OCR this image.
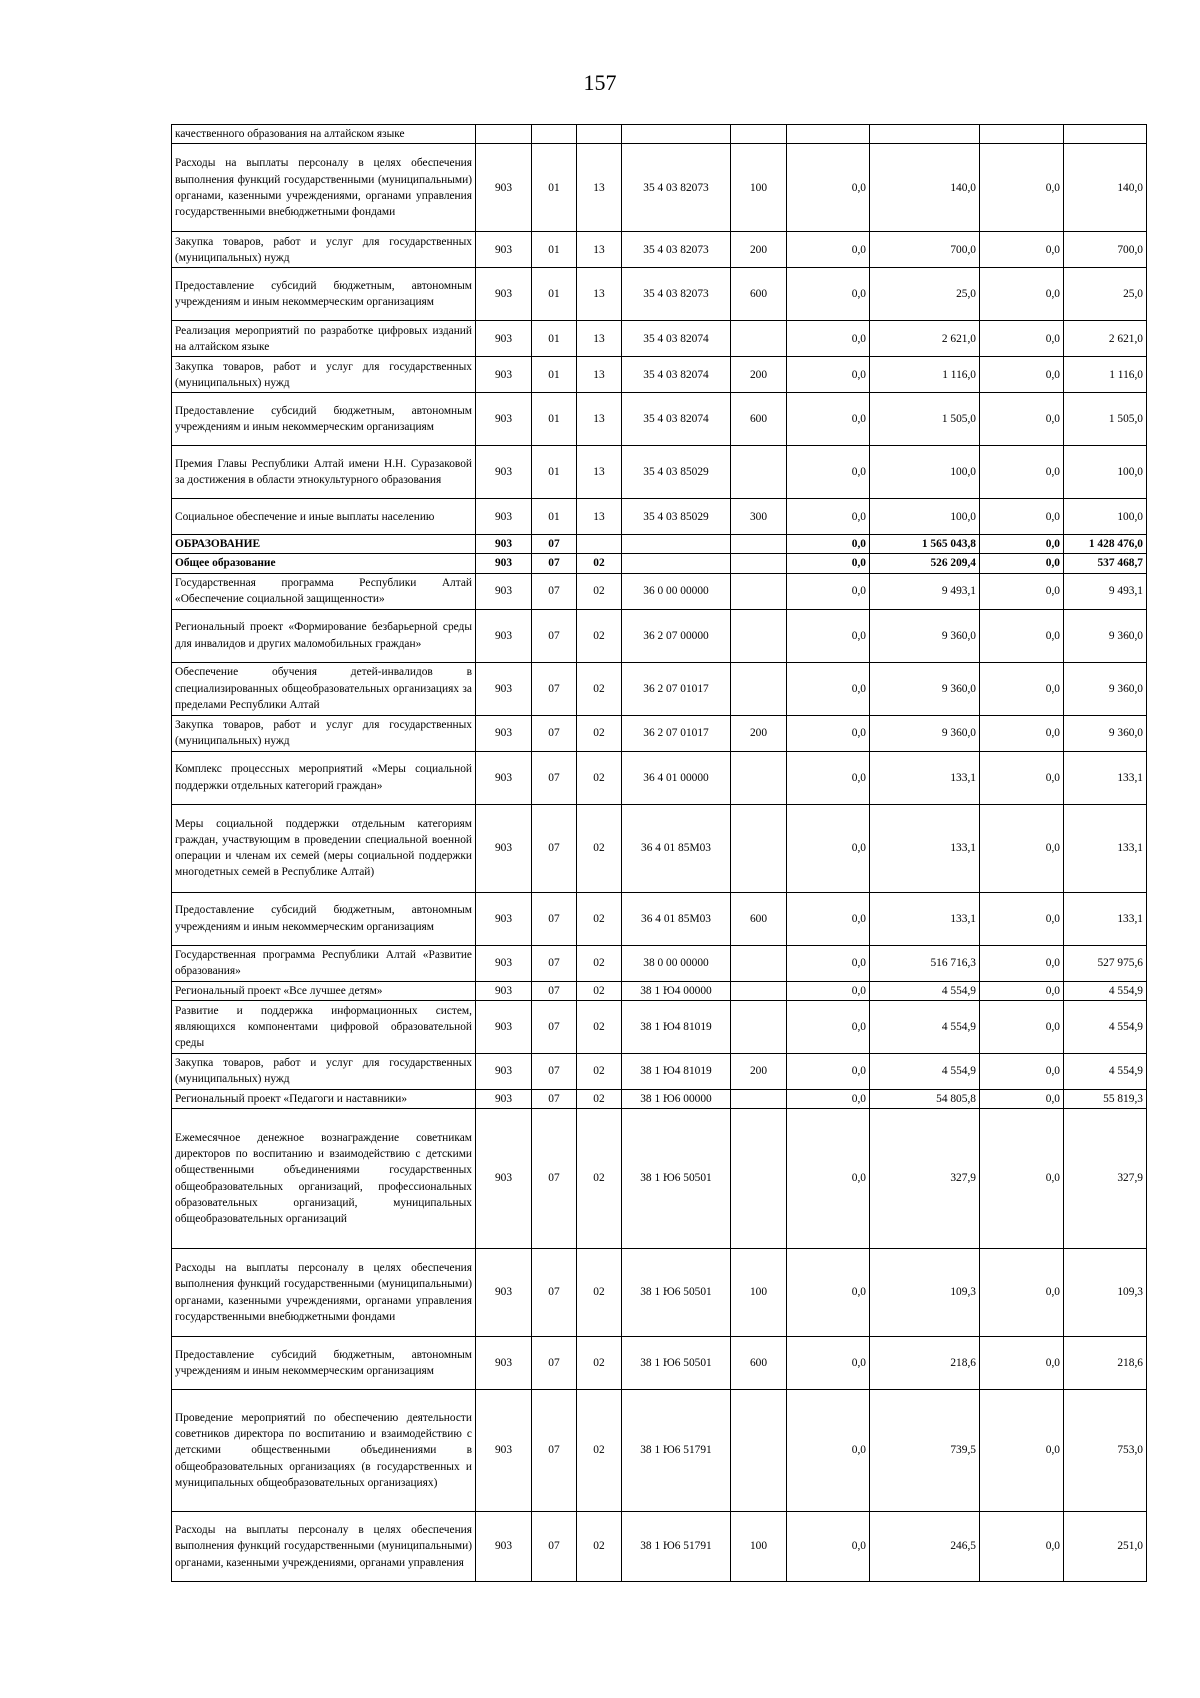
157
качественного образования на алтайском языке									
Расходы на выплаты персоналу в целях обеспечения выполнения функций государственными (муниципальными) органами, казенными учреждениями, органами управления государственными внебюджетными фондами	903	01	13	35 4 03 82073	100	0,0	140,0	0,0	140,0
Закупка товаров, работ и услуг для государственных (муниципальных) нужд	903	01	13	35 4 03 82073	200	0,0	700,0	0,0	700,0
Предоставление субсидий бюджетным, автономным учреждениям и иным некоммерческим организациям	903	01	13	35 4 03 82073	600	0,0	25,0	0,0	25,0
Реализация мероприятий по разработке цифровых изданий на алтайском языке	903	01	13	35 4 03 82074		0,0	2 621,0	0,0	2 621,0
Закупка товаров, работ и услуг для государственных (муниципальных) нужд	903	01	13	35 4 03 82074	200	0,0	1 116,0	0,0	1 116,0
Предоставление субсидий бюджетным, автономным учреждениям и иным некоммерческим организациям	903	01	13	35 4 03 82074	600	0,0	1 505,0	0,0	1 505,0
Премия Главы Республики Алтай имени Н.Н. Суразаковой за достижения в области этнокультурного образования	903	01	13	35 4 03 85029		0,0	100,0	0,0	100,0
Социальное обеспечение и иные выплаты населению	903	01	13	35 4 03 85029	300	0,0	100,0	0,0	100,0
ОБРАЗОВАНИЕ	903	07				0,0	1 565 043,8	0,0	1 428 476,0
Общее образование	903	07	02			0,0	526 209,4	0,0	537 468,7
Государственная программа Республики Алтай «Обеспечение социальной защищенности»	903	07	02	36 0 00 00000		0,0	9 493,1	0,0	9 493,1
Региональный проект «Формирование безбарьерной среды для инвалидов и других маломобильных граждан»	903	07	02	36 2 07 00000		0,0	9 360,0	0,0	9 360,0
Обеспечение обучения детей-инвалидов в специализированных общеобразовательных организациях за пределами Республики Алтай	903	07	02	36 2 07 01017		0,0	9 360,0	0,0	9 360,0
Закупка товаров, работ и услуг для государственных (муниципальных) нужд	903	07	02	36 2 07 01017	200	0,0	9 360,0	0,0	9 360,0
Комплекс процессных мероприятий «Меры социальной поддержки отдельных категорий граждан»	903	07	02	36 4 01 00000		0,0	133,1	0,0	133,1
Меры социальной поддержки отдельным категориям граждан, участвующим в проведении специальной военной операции и членам их семей (меры социальной поддержки многодетных семей в Республике Алтай)	903	07	02	36 4 01 85М03		0,0	133,1	0,0	133,1
Предоставление субсидий бюджетным, автономным учреждениям и иным некоммерческим организациям	903	07	02	36 4 01 85М03	600	0,0	133,1	0,0	133,1
Государственная программа Республики Алтай «Развитие образования»	903	07	02	38 0 00 00000		0,0	516 716,3	0,0	527 975,6
Региональный проект «Все лучшее детям»	903	07	02	38 1 Ю4 00000		0,0	4 554,9	0,0	4 554,9
Развитие и поддержка информационных систем, являющихся компонентами цифровой образовательной среды	903	07	02	38 1 Ю4 81019		0,0	4 554,9	0,0	4 554,9
Закупка товаров, работ и услуг для государственных (муниципальных) нужд	903	07	02	38 1 Ю4 81019	200	0,0	4 554,9	0,0	4 554,9
Региональный проект «Педагоги и наставники»	903	07	02	38 1 Ю6 00000		0,0	54 805,8	0,0	55 819,3
Ежемесячное денежное вознаграждение советникам директоров по воспитанию и взаимодействию с детскими общественными объединениями государственных общеобразовательных организаций, профессиональных образовательных организаций, муниципальных общеобразовательных организаций	903	07	02	38 1 Ю6 50501		0,0	327,9	0,0	327,9
Расходы на выплаты персоналу в целях обеспечения выполнения функций государственными (муниципальными) органами, казенными учреждениями, органами управления государственными внебюджетными фондами	903	07	02	38 1 Ю6 50501	100	0,0	109,3	0,0	109,3
Предоставление субсидий бюджетным, автономным учреждениям и иным некоммерческим организациям	903	07	02	38 1 Ю6 50501	600	0,0	218,6	0,0	218,6
Проведение мероприятий по обеспечению деятельности советников директора по воспитанию и взаимодействию с детскими общественными объединениями в общеобразовательных организациях (в государственных и муниципальных общеобразовательных организациях)	903	07	02	38 1 Ю6 51791		0,0	739,5	0,0	753,0
Расходы на выплаты персоналу в целях обеспечения выполнения функций государственными (муниципальными) органами, казенными учреждениями, органами управления	903	07	02	38 1 Ю6 51791	100	0,0	246,5	0,0	251,0
